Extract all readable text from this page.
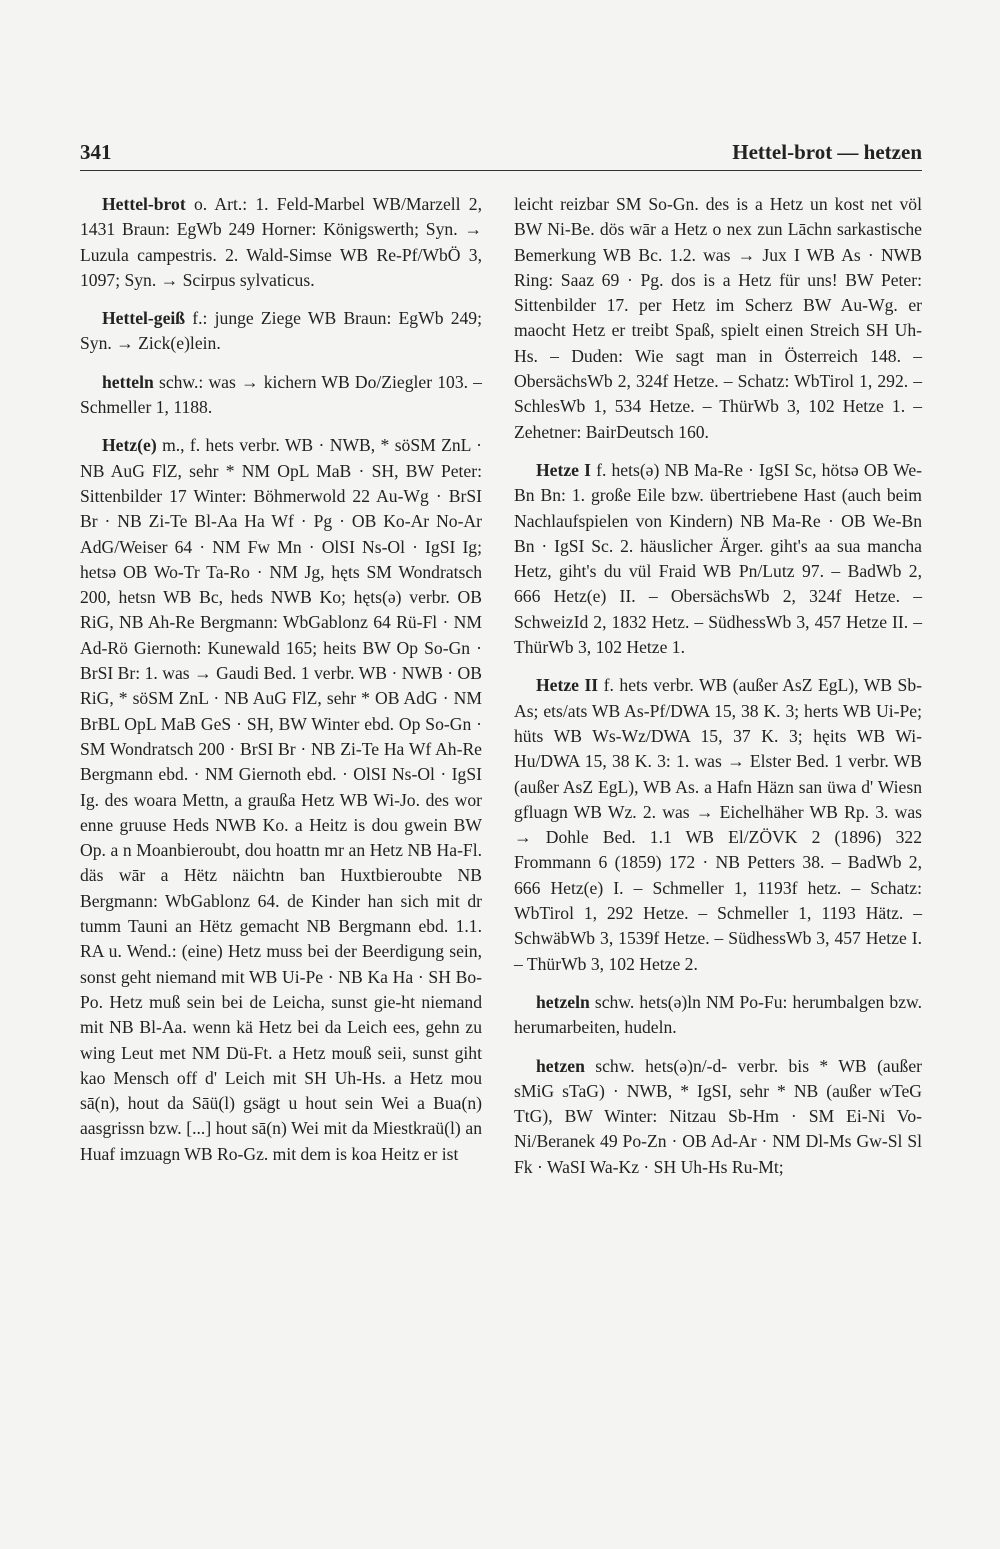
341	Hettel-brot — hetzen

Hettel-brot o. Art.: 1. Feld-Marbel WB/Marzell 2, 1431 Braun: EgWb 249 Horner: Königswerth; Syn. → Luzula campestris. 2. Wald-Simse WB Re-Pf/WbÖ 3, 1097; Syn. → Scirpus sylvaticus.

Hettel-geiß f.: junge Ziege WB Braun: EgWb 249; Syn. → Zick(e)lein.

hetteln schw.: was → kichern WB Do/Ziegler 103. – Schmeller 1, 1188.

Hetz(e) m., f. hets verbr. WB · NWB, * söSM ZnL · NB AuG FlZ, sehr * NM OpL MaB · SH, BW Peter: Sittenbilder 17 Winter: Böhmerwold 22 Au-Wg · BrSI Br · NB Zi-Te Bl-Aa Ha Wf · Pg · OB Ko-Ar No-Ar AdG/Weiser 64 · NM Fw Mn · OlSI Ns-Ol · IgSI Ig; hetsə OB Wo-Tr Ta-Ro · NM Jg, hęts SM Wondratsch 200, hetsn WB Bc, heds NWB Ko; hęts(ə) verbr. OB RiG, NB Ah-Re Bergmann: WbGablonz 64 Rü-Fl · NM Ad-Rö Giernoth: Kunewald 165; heits BW Op So-Gn · BrSI Br: 1. was → Gaudi Bed. 1 verbr. WB · NWB · OB RiG, * söSM ZnL · NB AuG FlZ, sehr * OB AdG · NM BrBL OpL MaB GeS · SH, BW Winter ebd. Op So-Gn · SM Wondratsch 200 · BrSI Br · NB Zi-Te Ha Wf Ah-Re Bergmann ebd. · NM Giernoth ebd. · OlSI Ns-Ol · IgSI Ig. des woara Mettn, a graußa Hetz WB Wi-Jo. des wor enne gruuse Heds NWB Ko. a Heitz is dou gwein BW Op. a n Moanbieroubt, dou hoattn mr an Hetz NB Ha-Fl. däs wār a Hëtz näichtn ban Huxtbieroubte NB Bergmann: WbGablonz 64. de Kinder han sich mit dr tumm Tauni an Hëtz gemacht NB Bergmann ebd. 1.1. RA u. Wend.: (eine) Hetz muss bei der Beerdigung sein, sonst geht niemand mit WB Ui-Pe · NB Ka Ha · SH Bo-Po. Hetz muß sein bei de Leicha, sunst gie-ht niemand mit NB Bl-Aa. wenn kä Hetz bei da Leich ees, gehn zu wing Leut met NM Dü-Ft. a Hetz mouß seii, sunst giht kao Mensch off d' Leich mit SH Uh-Hs. a Hetz mou sā(n), hout da Sāü(l) gsägt u hout sein Wei a Bua(n) aasgrissn bzw. [...] hout sā(n) Wei mit da Miestkraü(l) an Huaf imzuagn WB Ro-Gz. mit dem is koa Heitz er ist

leicht reizbar SM So-Gn. des is a Hetz un kost net völ BW Ni-Be. dös wār a Hetz o nex zun Lāchn sarkastische Bemerkung WB Bc. 1.2. was → Jux I WB As · NWB Ring: Saaz 69 · Pg. dos is a Hetz für uns! BW Peter: Sittenbilder 17. per Hetz im Scherz BW Au-Wg. er maocht Hetz er treibt Spaß, spielt einen Streich SH Uh-Hs. – Duden: Wie sagt man in Österreich 148. – ObersächsWb 2, 324f Hetze. – Schatz: WbTirol 1, 292. – SchlesWb 1, 534 Hetze. – ThürWb 3, 102 Hetze 1. – Zehetner: BairDeutsch 160.

Hetze I f. hets(ə) NB Ma-Re · IgSI Sc, hötsə OB We-Bn Bn: 1. große Eile bzw. übertriebene Hast (auch beim Nachlaufspielen von Kindern) NB Ma-Re · OB We-Bn Bn · IgSI Sc. 2. häuslicher Ärger. giht's aa sua mancha Hetz, giht's du vül Fraid WB Pn/Lutz 97. – BadWb 2, 666 Hetz(e) II. – ObersächsWb 2, 324f Hetze. – SchweizId 2, 1832 Hetz. – SüdhessWb 3, 457 Hetze II. – ThürWb 3, 102 Hetze 1.

Hetze II f. hets verbr. WB (außer AsZ EgL), WB Sb-As; ets/ats WB As-Pf/DWA 15, 38 K. 3; herts WB Ui-Pe; hüts WB Ws-Wz/DWA 15, 37 K. 3; hęits WB Wi-Hu/DWA 15, 38 K. 3: 1. was → Elster Bed. 1 verbr. WB (außer AsZ EgL), WB As. a Hafn Häzn san üwa d' Wiesn gfluagn WB Wz. 2. was → Eichelhäher WB Rp. 3. was → Dohle Bed. 1.1 WB El/ZÖVK 2 (1896) 322 Frommann 6 (1859) 172 · NB Petters 38. – BadWb 2, 666 Hetz(e) I. – Schmeller 1, 1193f hetz. – Schatz: WbTirol 1, 292 Hetze. – Schmeller 1, 1193 Hätz. – SchwäbWb 3, 1539f Hetze. – SüdhessWb 3, 457 Hetze I. – ThürWb 3, 102 Hetze 2.

hetzeln schw. hets(ə)ln NM Po-Fu: herumbalgen bzw. herumarbeiten, hudeln.

hetzen schw. hets(ə)n/-d- verbr. bis * WB (außer sMiG sTaG) · NWB, * IgSI, sehr * NB (außer wTeG TtG), BW Winter: Nitzau Sb-Hm · SM Ei-Ni Vo-Ni/Beranek 49 Po-Zn · OB Ad-Ar · NM Dl-Ms Gw-Sl Sl Fk · WaSI Wa-Kz · SH Uh-Hs Ru-Mt;
